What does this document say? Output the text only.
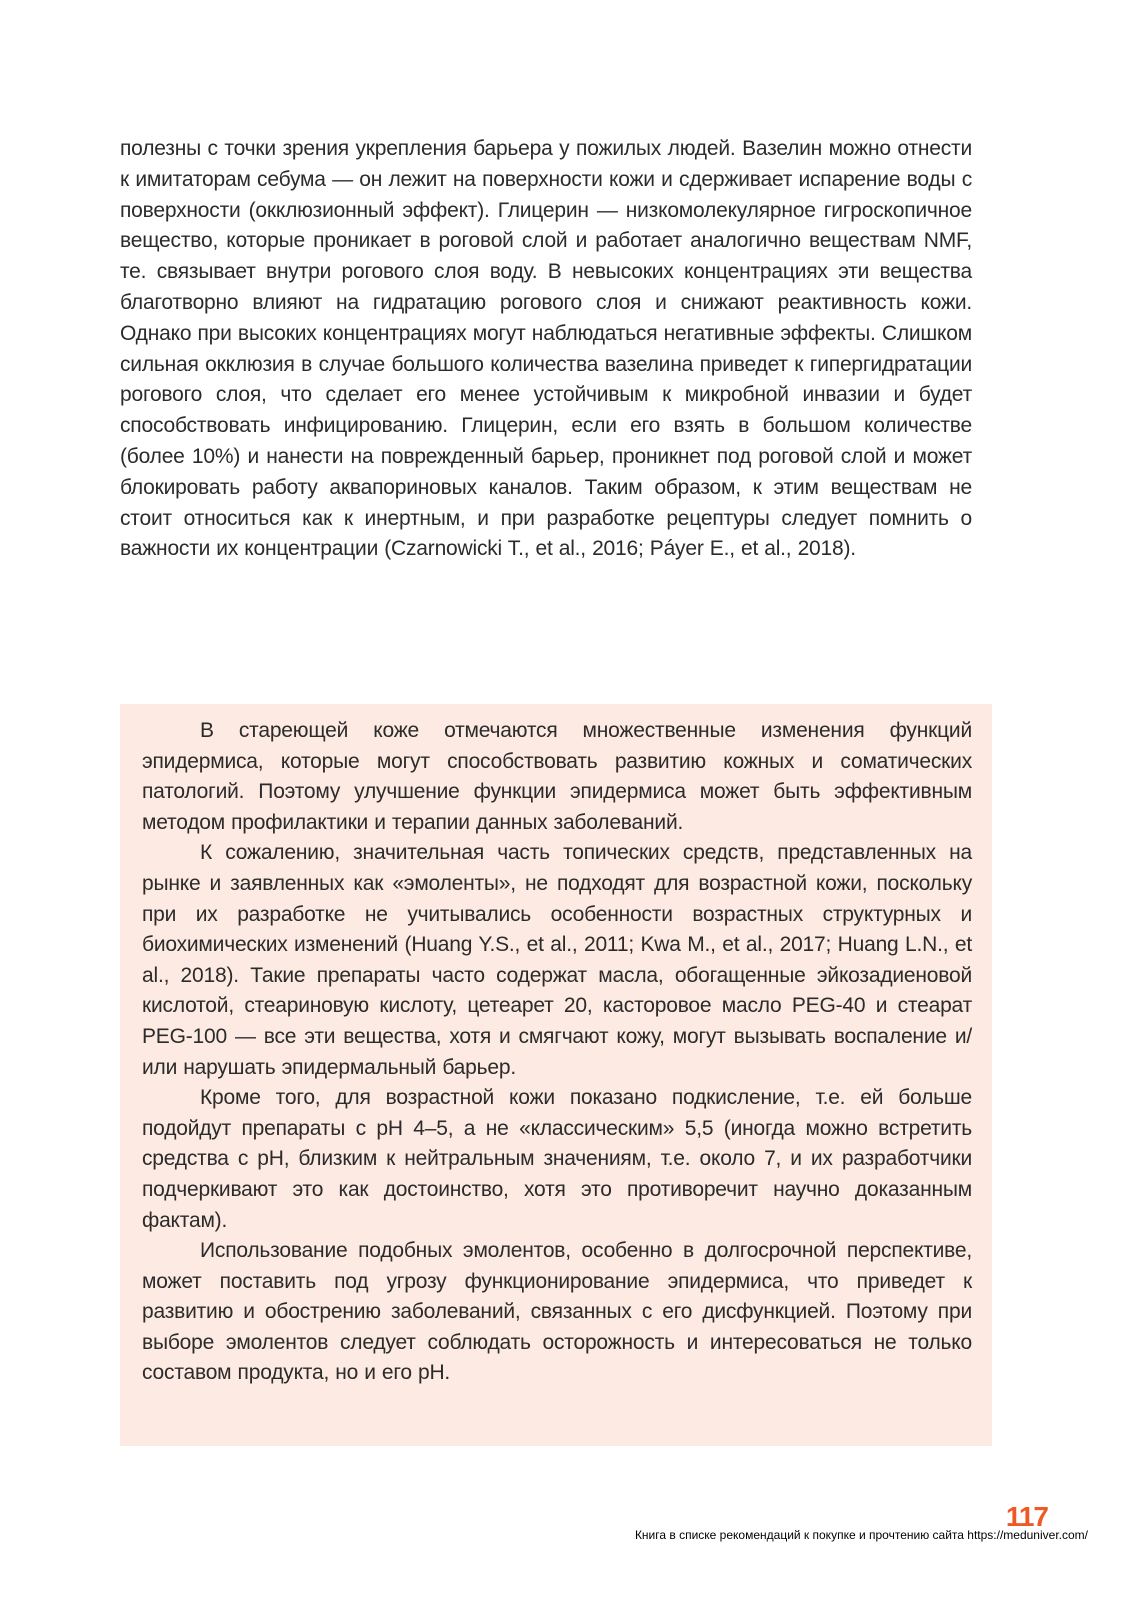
полезны с точки зрения укрепления барьера у пожилых людей. Вазелин можно отнести к имитаторам себума — он лежит на поверхности кожи и сдерживает испарение воды с поверхности (окклюзионный эффект). Глицерин — низкомолекулярное гигроскопичное вещество, которые проникает в роговой слой и работает аналогично веществам NMF, те. связывает внутри рогового слоя воду. В невысоких концентрациях эти вещества благотворно влияют на гидратацию рогового слоя и снижают реактивность кожи. Однако при высоких концентрациях могут наблюдаться негативные эффекты. Слишком сильная окклюзия в случае большого количества вазелина приведет к гипергидратации рогового слоя, что сделает его менее устойчивым к микробной инвазии и будет способствовать инфицированию. Глицерин, если его взять в большом количестве (более 10%) и нанести на поврежденный барьер, проникнет под роговой слой и может блокировать работу аквапориновых каналов. Таким образом, к этим веществам не стоит относиться как к инертным, и при разработке рецептуры следует помнить о важности их концентрации (Czarnowicki T., et al., 2016; Páyer E., et al., 2018).

В стареющей коже отмечаются множественные изменения функций эпидермиса, которые могут способствовать развитию кожных и соматических патологий. Поэтому улучшение функции эпидермиса может быть эффективным методом профилактики и терапии данных заболеваний.

К сожалению, значительная часть топических средств, представленных на рынке и заявленных как «эмоленты», не подходят для возрастной кожи, поскольку при их разработке не учитывались особенности возрастных структурных и биохимических изменений (Huang Y.S., et al., 2011; Kwa M., et al., 2017; Huang L.N., et al., 2018). Такие препараты часто содержат масла, обогащенные эйкозадиеновой кислотой, стеариновую кислоту, цетеарет 20, касторовое масло PEG-40 и стеарат PEG-100 — все эти вещества, хотя и смягчают кожу, могут вызывать воспаление и/или нарушать эпидермальный барьер.

Кроме того, для возрастной кожи показано подкисление, т.е. ей больше подойдут препараты с рН 4–5, а не «классическим» 5,5 (иногда можно встретить средства с рН, близким к нейтральным значениям, т.е. около 7, и их разработчики подчеркивают это как достоинство, хотя это противоречит научно доказанным фактам).

Использование подобных эмолентов, особенно в долгосрочной перспективе, может поставить под угрозу функционирование эпидермиса, что приведет к развитию и обострению заболеваний, связанных с его дисфункцией. Поэтому при выборе эмолентов следует соблюдать осторожность и интересоваться не только составом продукта, но и его рН.

117
Книга в списке рекомендаций к покупке и прочтению сайта https://meduniver.com/
